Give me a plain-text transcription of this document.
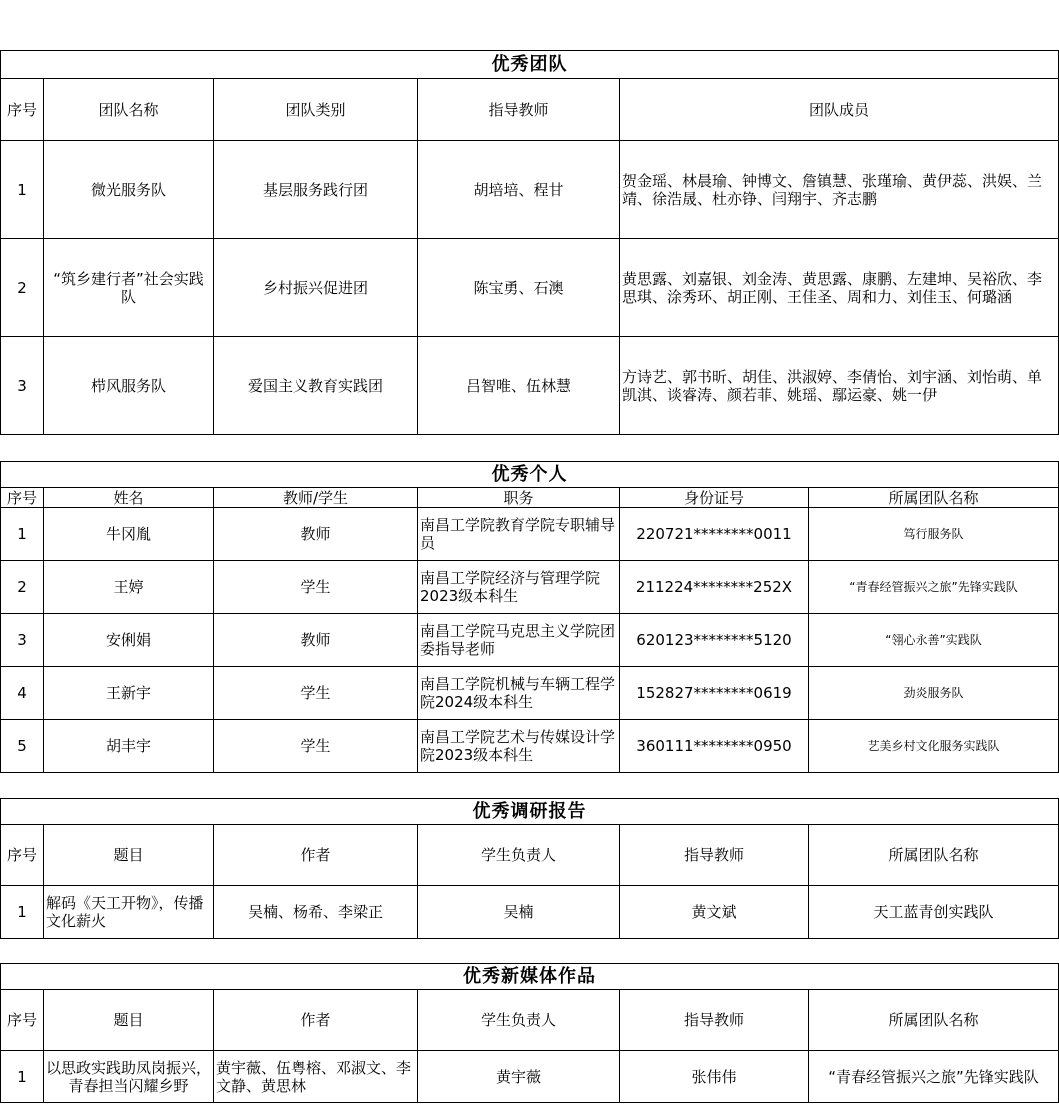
优秀团队				
序号	团队名称	团队类别	指导教师	团队成员
1	微光服务队	基层服务践行团	胡培培、程甘	贺金瑶、林晨瑜、钟博文、詹镇慧、张瑾瑜、黄伊蕊、洪娱、兰靖、徐浩晟、杜亦铮、闫翔宇、齐志鹏
2	“筑乡建行者”社会实践队	乡村振兴促进团	陈宝勇、石澳	黄思露、刘嘉银、刘金涛、黄思露、康鹏、左建坤、吴裕欣、李思琪、涂秀环、胡正刚、王佳圣、周和力、刘佳玉、何璐涵
3	栉风服务队	爱国主义教育实践团	吕智唯、伍林慧	方诗艺、郭书昕、胡佳、洪淑婷、李倩怡、刘宇涵、刘怡萌、单凯淇、谈睿涛、颜若菲、姚瑶、鄢运豪、姚一伊
优秀个人					
序号	姓名	教师/学生	职务	身份证号	所属团队名称
1	牛冈胤	教师	南昌工学院教育学院专职辅导员	220721********0011	笃行服务队
2	王婷	学生	南昌工学院经济与管理学院2023级本科生	211224********252X	“青春经管振兴之旅”先锋实践队
3	安俐娟	教师	南昌工学院马克思主义学院团委指导老师	620123********5120	“翎心永善”实践队
4	王新宇	学生	南昌工学院机械与车辆工程学院2024级本科生	152827********0619	劲炎服务队
5	胡丰宇	学生	南昌工学院艺术与传媒设计学院2023级本科生	360111********0950	艺美乡村文化服务实践队
优秀调研报告					
序号	题目	作者	学生负责人	指导教师	所属团队名称
1	解码《天工开物》，传播文化薪火	吴楠、杨希、李梁正	吴楠	黄文斌	天工蓝青创实践队
优秀新媒体作品					
序号	题目	作者	学生负责人	指导教师	所属团队名称
1	以思政实践助凤岗振兴，青春担当闪耀乡野	黄宇薇、伍粤榕、邓淑文、李文静、黄思林	黄宇薇	张伟伟	“青春经管振兴之旅”先锋实践队
